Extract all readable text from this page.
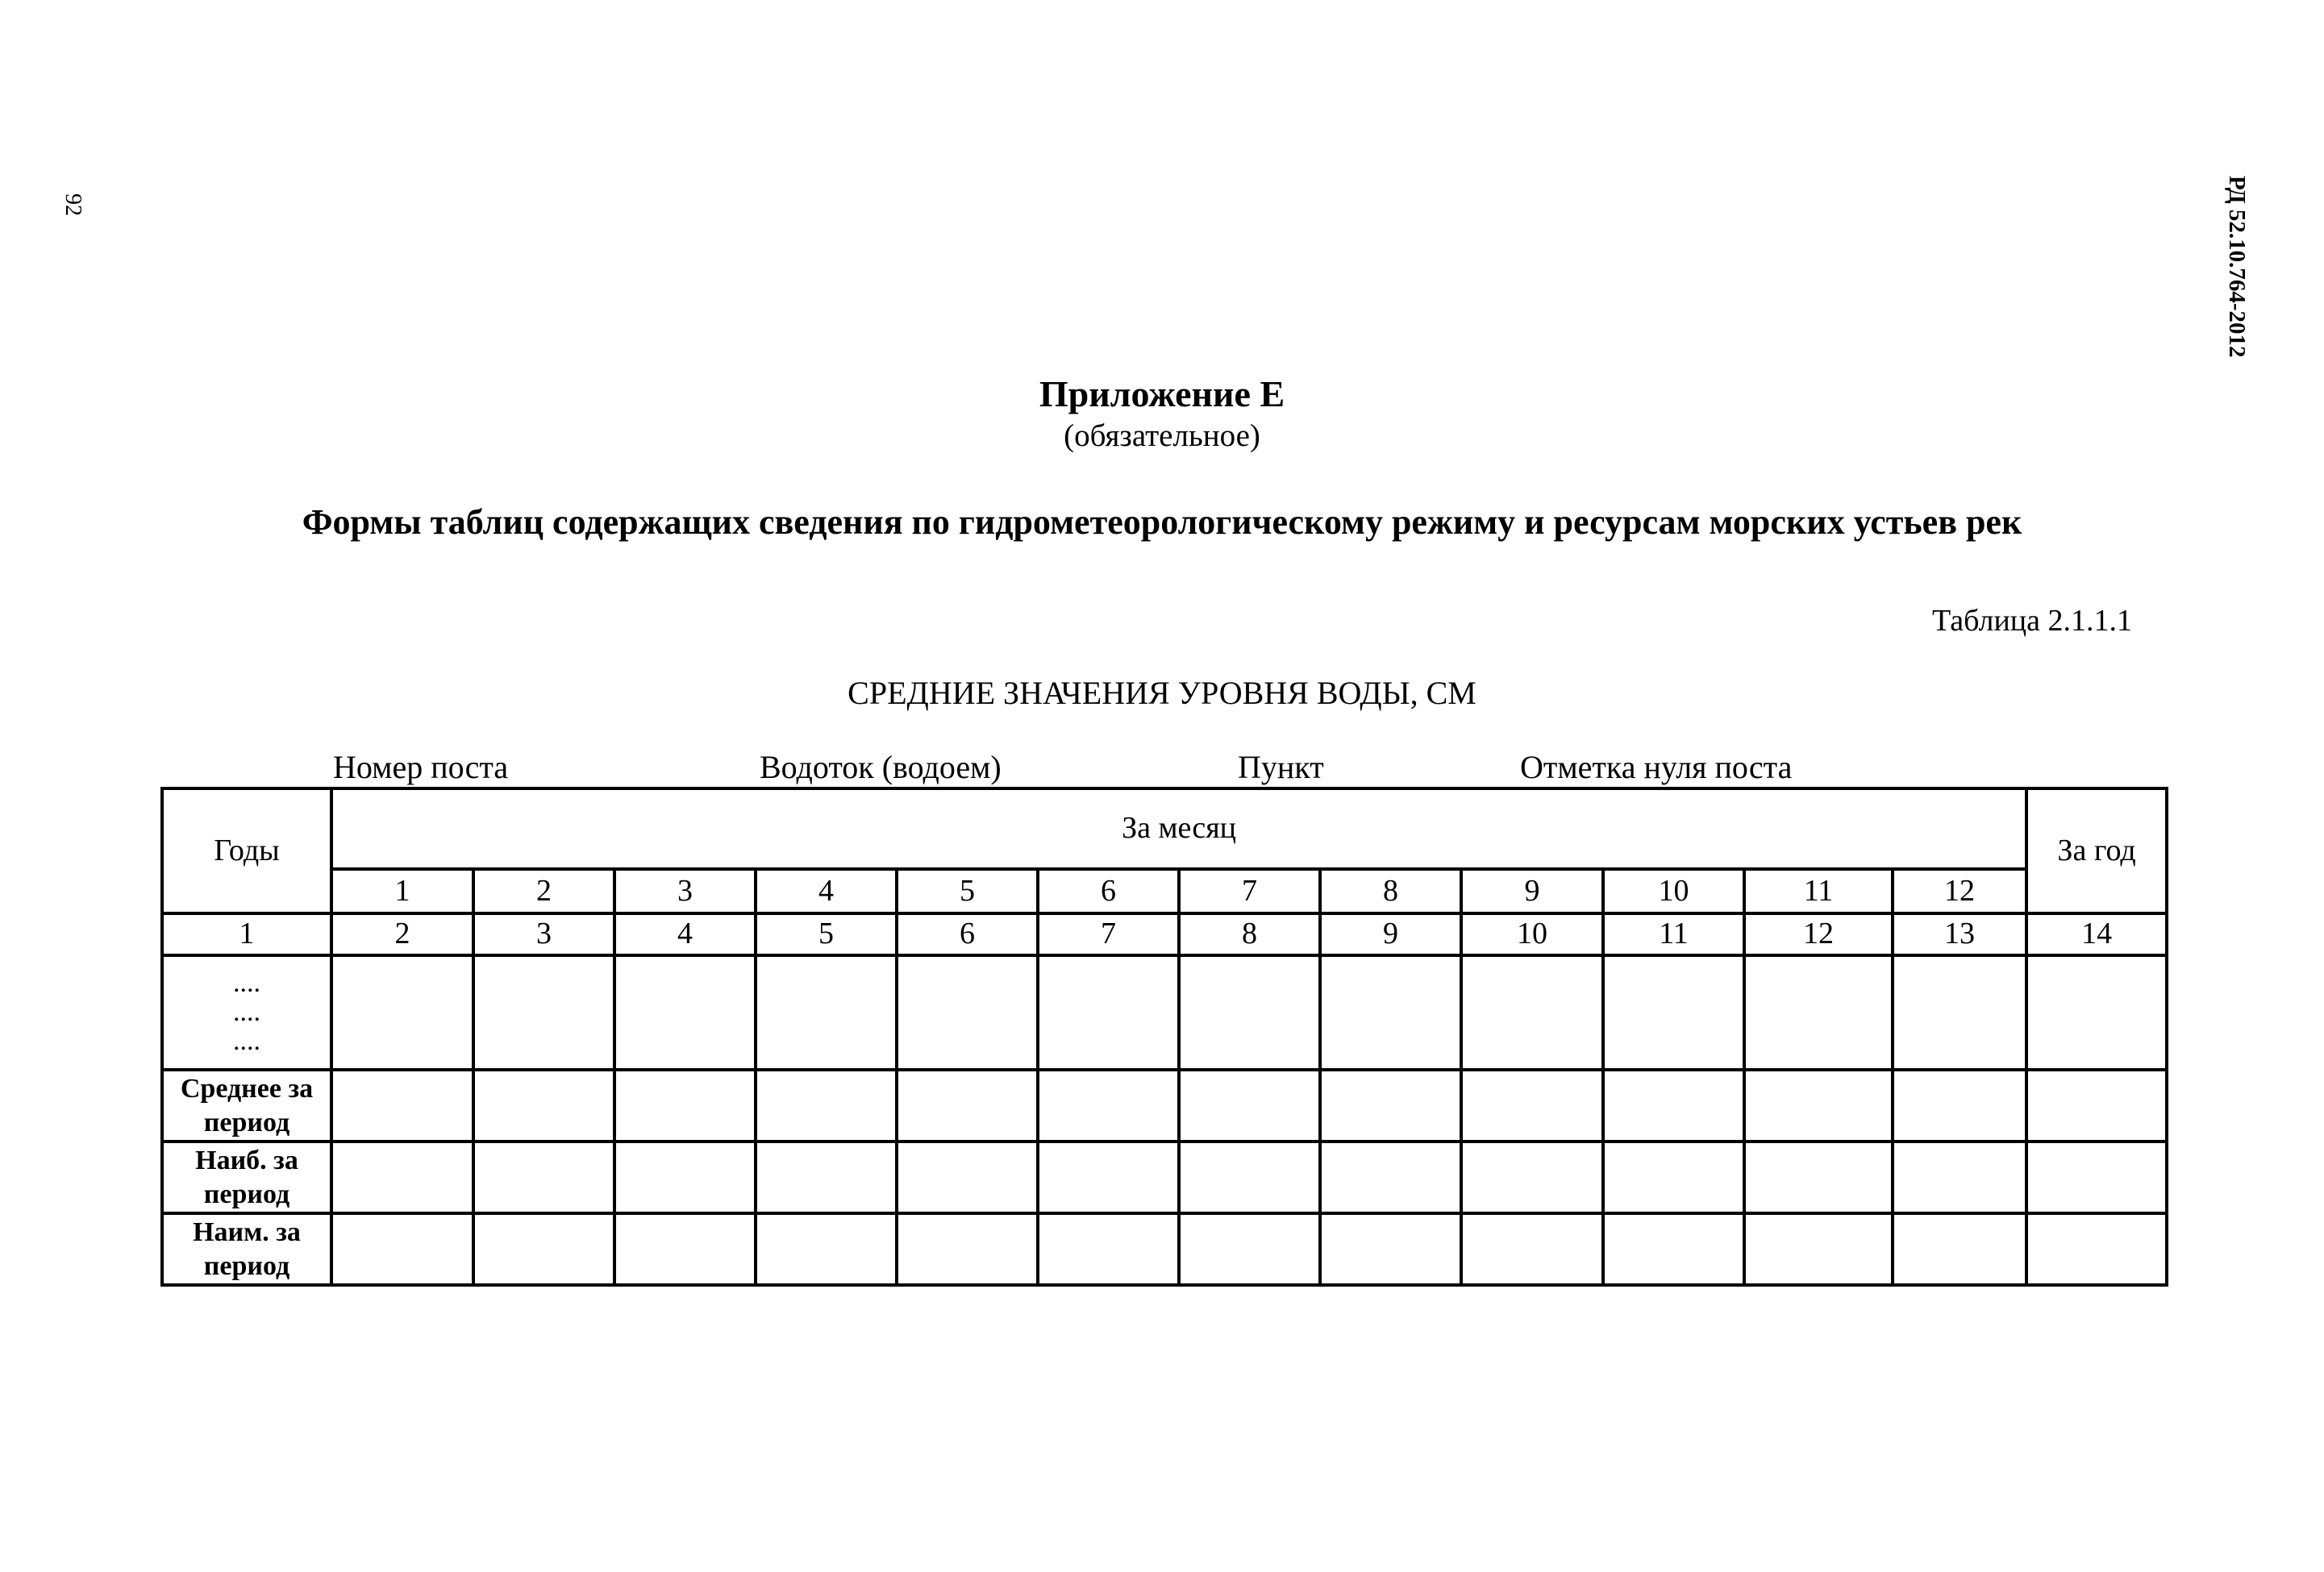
92	РД 52.10.764-2012
Приложение Е
(обязательное)
Формы таблиц содержащих сведения по гидрометеорологическому режиму и ресурсам морских устьев рек
Таблица 2.1.1.1
СРЕДНИЕ ЗНАЧЕНИЯ УРОВНЯ ВОДЫ, СМ
Номер поста	Водоток (водоем)	Пункт	Отметка нуля поста
Годы	За месяц												За год
	1	2	3	4	5	6	7	8	9	10	11	12	
1	2	3	4	5	6	7	8	9	10	11	12	13	14

....
....
....													

Среднее за период													
Наиб. за период													
Наим. за период													
